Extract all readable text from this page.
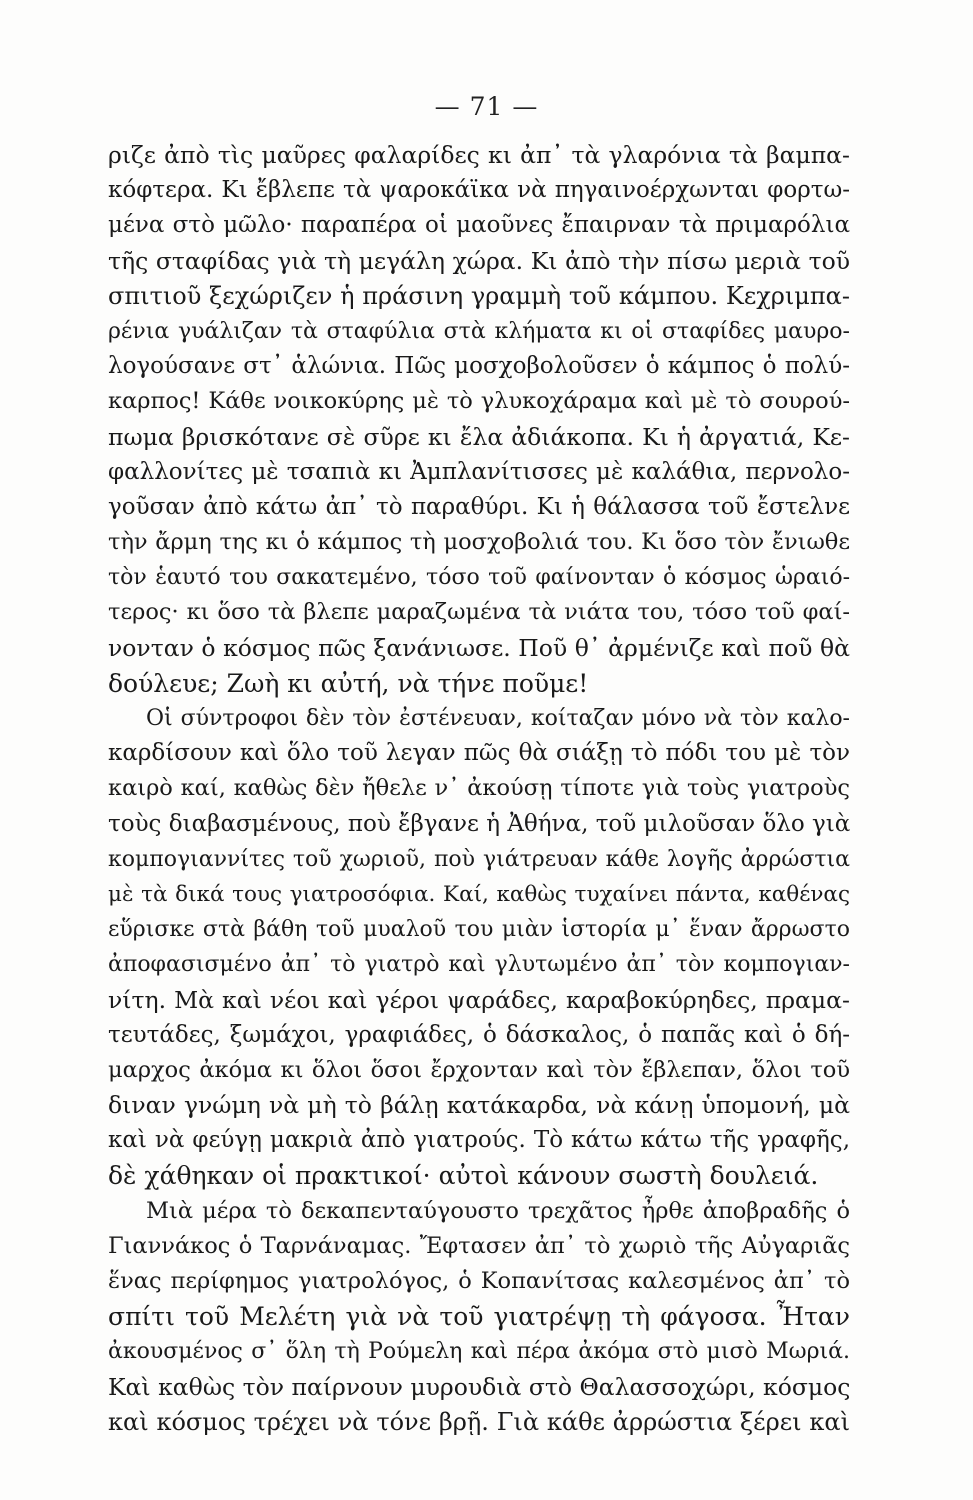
— 71 —
ριζε ἀπὸ τὶς μαῦρες φαλαρίδες κι ἀπ᾿ τὰ γλαρόνια τὰ βαμπα-
κόφτερα. Κι ἔβλεπε τὰ ψαροκάϊκα νὰ πηγαινοέρχωνται φορτω-
μένα στὸ μῶλο· παραπέρα οἱ μαοῦνες ἔπαιρναν τὰ πριμαρόλια
τῆς σταφίδας γιὰ τὴ μεγάλη χώρα. Κι ἀπὸ τὴν πίσω μεριὰ τοῦ
σπιτιοῦ ξεχώριζεν ἡ πράσινη γραμμὴ τοῦ κάμπου. Κεχριμπα-
ρένια γυάλιζαν τὰ σταφύλια στὰ κλήματα κι οἱ σταφίδες μαυρο-
λογούσανε στ᾿ ἁλώνια. Πῶς μοσχοβολοῦσεν ὁ κάμπος ὁ πολύ-
καρπος! Κάθε νοικοκύρης μὲ τὸ γλυκοχάραμα καὶ μὲ τὸ σουρού-
πωμα βρισκότανε σὲ σῦρε κι ἔλα ἀδιάκοπα. Κι ἡ ἀργατιά, Κε-
φαλλονίτες μὲ τσαπιὰ κι Ἀμπλανίτισσες μὲ καλάθια, περνολο-
γοῦσαν ἀπὸ κάτω ἀπ᾿ τὸ παραθύρι. Κι ἡ θάλασσα τοῦ ἔστελνε
τὴν ἄρμη της κι ὁ κάμπος τὴ μοσχοβολιά του. Κι ὅσο τὸν ἔνιωθε
τὸν ἑαυτό του σακατεμένο, τόσο τοῦ φαίνονταν ὁ κόσμος ὡραιό-
τερος· κι ὅσο τὰ βλεπε μαραζωμένα τὰ νιάτα του, τόσο τοῦ φαί-
νονταν ὁ κόσμος πῶς ξανάνιωσε. Ποῦ θ᾿ ἀρμένιζε καὶ ποῦ θὰ
δούλευε; Ζωὴ κι αὐτή, νὰ τήνε ποῦμε!
Οἱ σύντροφοι δὲν τὸν ἐστένευαν, κοίταζαν μόνο νὰ τὸν καλο-
καρδίσουν καὶ ὅλο τοῦ λεγαν πῶς θὰ σιάξῃ τὸ πόδι του μὲ τὸν
καιρὸ καί, καθὼς δὲν ἤθελε ν᾿ ἀκούσῃ τίποτε γιὰ τοὺς γιατροὺς
τοὺς διαβασμένους, ποὺ ἔβγανε ἡ Ἀθήνα, τοῦ μιλοῦσαν ὅλο γιὰ
κομπογιαννίτες τοῦ χωριοῦ, ποὺ γιάτρευαν κάθε λογῆς ἀρρώστια
μὲ τὰ δικά τους γιατροσόφια. Καί, καθὼς τυχαίνει πάντα, καθένας
εὕρισκε στὰ βάθη τοῦ μυαλοῦ του μιὰν ἱστορία μ᾿ ἕναν ἄρρωστο
ἀποφασισμένο ἀπ᾿ τὸ γιατρὸ καὶ γλυτωμένο ἀπ᾿ τὸν κομπογιαν-
νίτη. Μὰ καὶ νέοι καὶ γέροι ψαράδες, καραβοκύρηδες, πραμα-
τευτάδες, ξωμάχοι, γραφιάδες, ὁ δάσκαλος, ὁ παπᾶς καὶ ὁ δή-
μαρχος ἀκόμα κι ὅλοι ὅσοι ἔρχονταν καὶ τὸν ἔβλεπαν, ὅλοι τοῦ
διναν γνώμη νὰ μὴ τὸ βάλῃ κατάκαρδα, νὰ κάνῃ ὑπομονή, μὰ
καὶ νὰ φεύγῃ μακριὰ ἀπὸ γιατρούς. Τὸ κάτω κάτω τῆς γραφῆς,
δὲ χάθηκαν οἱ πρακτικοί· αὐτοὶ κάνουν σωστὴ δουλειά.
Μιὰ μέρα τὸ δεκαπενταύγουστο τρεχᾶτος ἦρθε ἀποβραδῆς ὁ
Γιαννάκος ὁ Ταρνάναμας. Ἔφτασεν ἀπ᾿ τὸ χωριὸ τῆς Αὐγαριᾶς
ἕνας περίφημος γιατρολόγος, ὁ Κοπανίτσας καλεσμένος ἀπ᾿ τὸ
σπίτι τοῦ Μελέτη γιὰ νὰ τοῦ γιατρέψῃ τὴ φάγοσα. Ἦταν
ἀκουσμένος σ᾿ ὅλη τὴ Ρούμελη καὶ πέρα ἀκόμα στὸ μισὸ Μωριά.
Καὶ καθὼς τὸν παίρνουν μυρουδιὰ στὸ Θαλασσοχώρι, κόσμος
καὶ κόσμος τρέχει νὰ τόνε βρῇ. Γιὰ κάθε ἀρρώστια ξέρει καὶ
